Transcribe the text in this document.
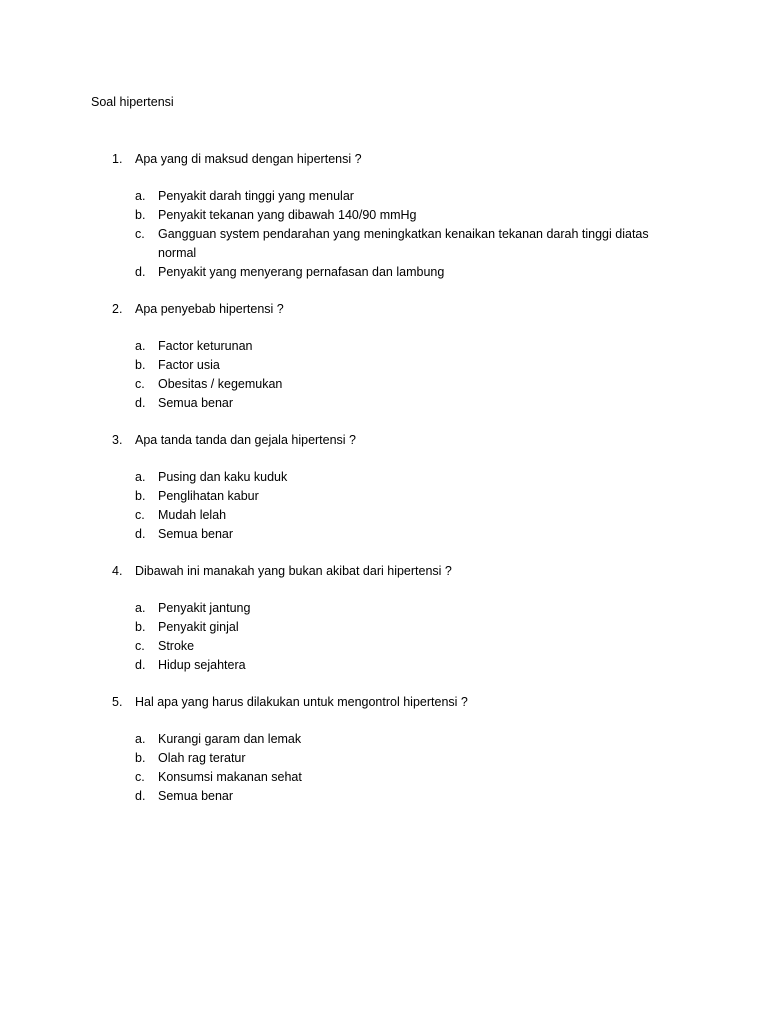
Soal hipertensi
1. Apa yang di maksud dengan hipertensi ?
a. Penyakit darah tinggi yang menular
b. Penyakit tekanan yang dibawah 140/90 mmHg
c. Gangguan system pendarahan yang meningkatkan kenaikan tekanan darah tinggi diatas normal
d. Penyakit yang menyerang pernafasan dan lambung
2. Apa penyebab hipertensi ?
a. Factor keturunan
b. Factor usia
c. Obesitas / kegemukan
d. Semua benar
3. Apa tanda tanda dan gejala hipertensi ?
a. Pusing dan kaku kuduk
b. Penglihatan kabur
c. Mudah lelah
d. Semua benar
4. Dibawah ini manakah yang bukan akibat dari hipertensi ?
a. Penyakit jantung
b. Penyakit ginjal
c. Stroke
d. Hidup sejahtera
5. Hal apa yang harus dilakukan untuk mengontrol hipertensi ?
a. Kurangi garam dan lemak
b. Olah rag teratur
c. Konsumsi makanan sehat
d. Semua benar
